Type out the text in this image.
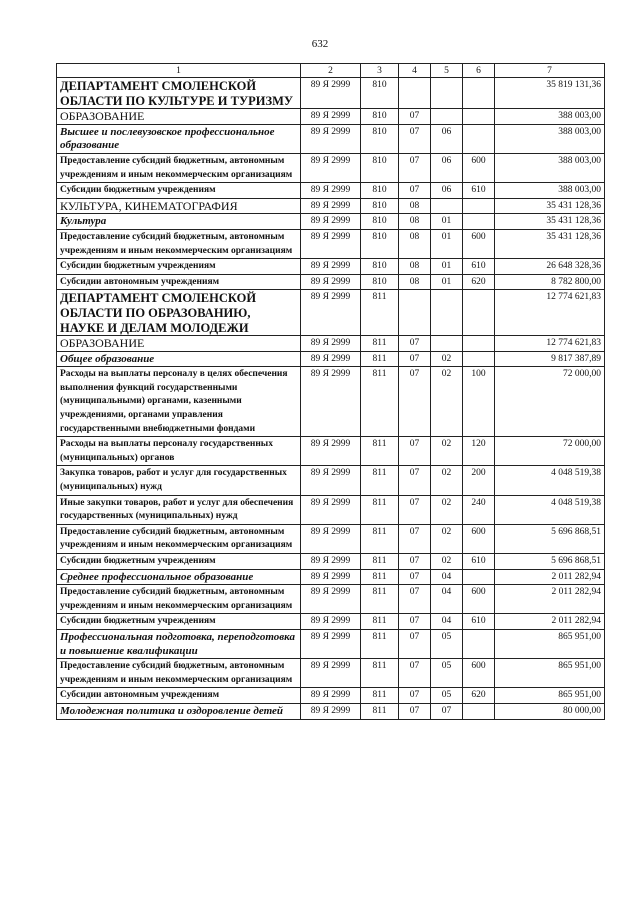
632
1	2	3	4	5	6	7
ДЕПАРТАМЕНТ СМОЛЕНСКОЙ ОБЛАСТИ ПО КУЛЬТУРЕ И ТУРИЗМУ	89 Я 2999	810				35 819 131,36
ОБРАЗОВАНИЕ	89 Я 2999	810	07			388 003,00
Высшее и послевузовское профессиональное образование	89 Я 2999	810	07	06		388 003,00
Предоставление субсидий бюджетным, автономным учреждениям и иным некоммерческим организациям	89 Я 2999	810	07	06	600	388 003,00
Субсидии бюджетным учреждениям	89 Я 2999	810	07	06	610	388 003,00
КУЛЬТУРА, КИНЕМАТОГРАФИЯ	89 Я 2999	810	08			35 431 128,36
Культура	89 Я 2999	810	08	01		35 431 128,36
Предоставление субсидий бюджетным, автономным учреждениям и иным некоммерческим организациям	89 Я 2999	810	08	01	600	35 431 128,36
Субсидии бюджетным учреждениям	89 Я 2999	810	08	01	610	26 648 328,36
Субсидии автономным учреждениям	89 Я 2999	810	08	01	620	8 782 800,00
ДЕПАРТАМЕНТ СМОЛЕНСКОЙ ОБЛАСТИ ПО ОБРАЗОВАНИЮ, НАУКЕ И ДЕЛАМ МОЛОДЕЖИ	89 Я 2999	811				12 774 621,83
ОБРАЗОВАНИЕ	89 Я 2999	811	07			12 774 621,83
Общее образование	89 Я 2999	811	07	02		9 817 387,89
Расходы на выплаты персоналу в целях обеспечения выполнения функций государственными (муниципальными) органами, казенными учреждениями, органами управления государственными внебюджетными фондами	89 Я 2999	811	07	02	100	72 000,00
Расходы на выплаты персоналу государственных (муниципальных) органов	89 Я 2999	811	07	02	120	72 000,00
Закупка товаров, работ и услуг для государственных (муниципальных) нужд	89 Я 2999	811	07	02	200	4 048 519,38
Иные закупки товаров, работ и услуг для обеспечения государственных (муниципальных) нужд	89 Я 2999	811	07	02	240	4 048 519,38
Предоставление субсидий бюджетным, автономным учреждениям и иным некоммерческим организациям	89 Я 2999	811	07	02	600	5 696 868,51
Субсидии бюджетным учреждениям	89 Я 2999	811	07	02	610	5 696 868,51
Среднее профессиональное образование	89 Я 2999	811	07	04		2 011 282,94
Предоставление субсидий бюджетным, автономным учреждениям и иным некоммерческим организациям	89 Я 2999	811	07	04	600	2 011 282,94
Субсидии бюджетным учреждениям	89 Я 2999	811	07	04	610	2 011 282,94
Профессиональная подготовка, переподготовка и повышение квалификации	89 Я 2999	811	07	05		865 951,00
Предоставление субсидий бюджетным, автономным учреждениям и иным некоммерческим организациям	89 Я 2999	811	07	05	600	865 951,00
Субсидии автономным учреждениям	89 Я 2999	811	07	05	620	865 951,00
Молодежная политика и оздоровление детей	89 Я 2999	811	07	07		80 000,00
